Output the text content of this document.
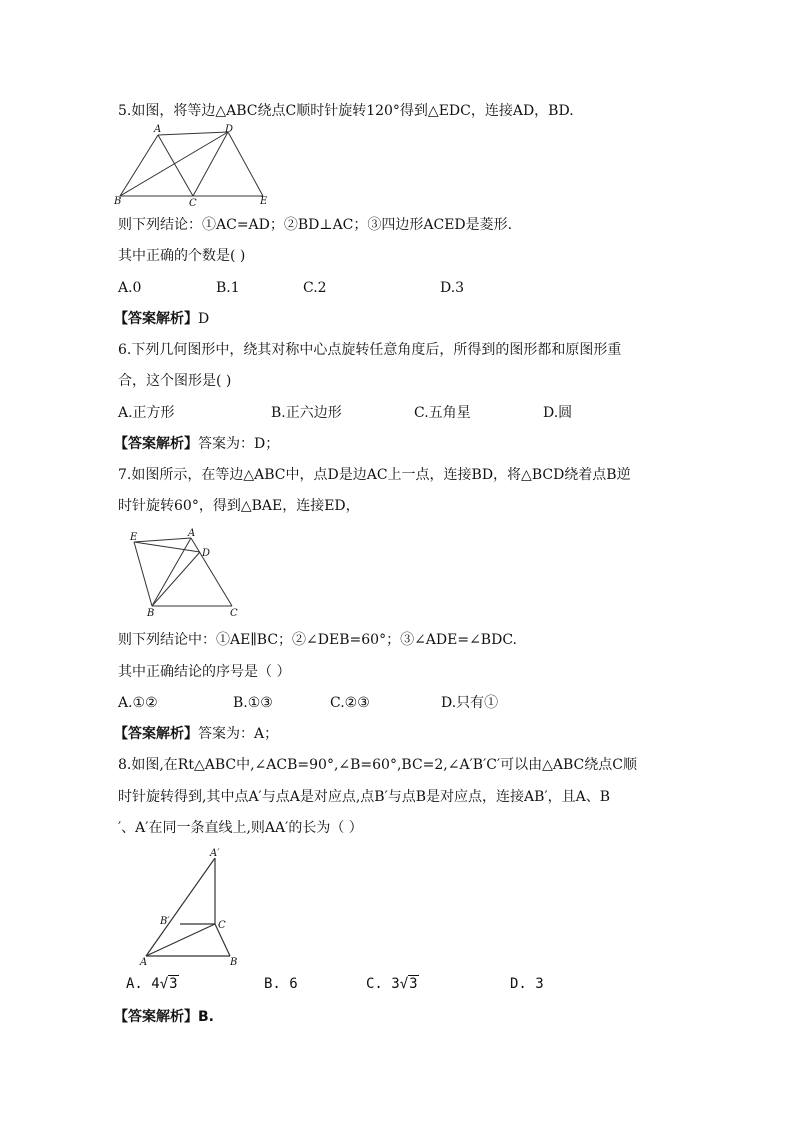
5.如图，将等边△ABC绕点C顺时针旋转120°得到△EDC，连接AD，BD.
A	D
B	C	E
则下列结论：①AC=AD；②BD⊥AC；③四边形ACED是菱形.
其中正确的个数是( )
A.0	B.1	C.2	D.3
【答案解析】D
6.下列几何图形中，绕其对称中心点旋转任意角度后，所得到的图形都和原图形重
合，这个图形是( )
A.正方形	B.正六边形	C.五角星	D.圆
【答案解析】答案为：D；
7.如图所示，在等边△ABC中，点D是边AC上一点，连接BD，将△BCD绕着点B逆
时针旋转60°，得到△BAE，连接ED，
E	A
D
B	C
则下列结论中：①AE∥BC；②∠DEB=60°；③∠ADE=∠BDC.
其中正确结论的序号是（ ）
A.①②	B.①③	C.②③	D.只有①
【答案解析】答案为：A；
8.如图,在Rt△ABC中,∠ACB=90°,∠B=60°,BC=2,∠A′B′C′可以由△ABC绕点C顺
时针旋转得到,其中点A′与点A是对应点,点B′与点B是对应点，连接AB′，且A、B
′、A′在同一条直线上,则AA′的长为（ ）
A′
B′	C
A	B
A. 4√3	B. 6	C. 3√3	D. 3
【答案解析】B.
